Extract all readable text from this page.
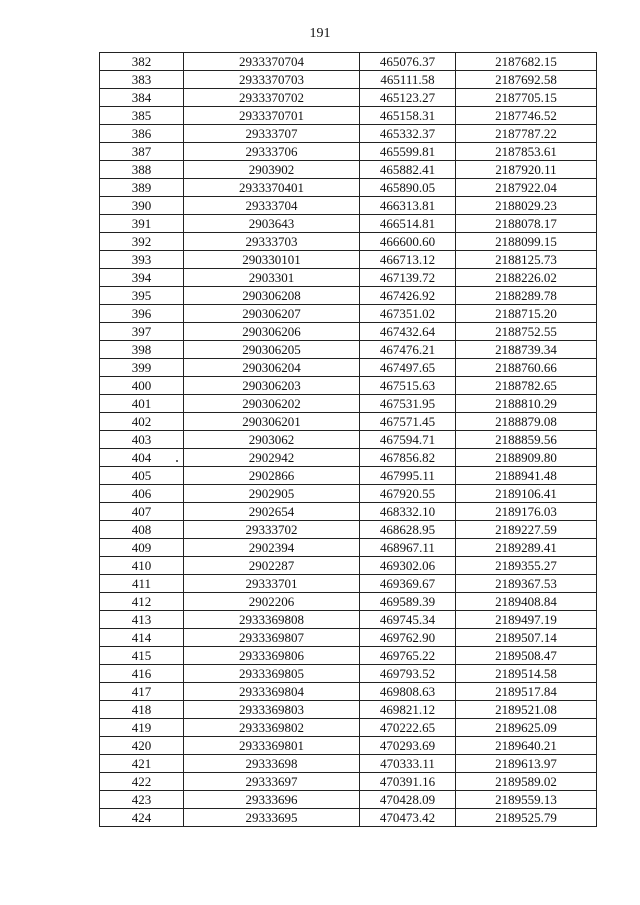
191
382	2933370704	465076.37	2187682.15
383	2933370703	465111.58	2187692.58
384	2933370702	465123.27	2187705.15
385	2933370701	465158.31	2187746.52
386	29333707	465332.37	2187787.22
387	29333706	465599.81	2187853.61
388	2903902	465882.41	2187920.11
389	2933370401	465890.05	2187922.04
390	29333704	466313.81	2188029.23
391	2903643	466514.81	2188078.17
392	29333703	466600.60	2188099.15
393	290330101	466713.12	2188125.73
394	2903301	467139.72	2188226.02
395	290306208	467426.92	2188289.78
396	290306207	467351.02	2188715.20
397	290306206	467432.64	2188752.55
398	290306205	467476.21	2188739.34
399	290306204	467497.65	2188760.66
400	290306203	467515.63	2188782.65
401	290306202	467531.95	2188810.29
402	290306201	467571.45	2188879.08
403	2903062	467594.71	2188859.56
404	2902942	467856.82	2188909.80
405	2902866	467995.11	2188941.48
406	2902905	467920.55	2189106.41
407	2902654	468332.10	2189176.03
408	29333702	468628.95	2189227.59
409	2902394	468967.11	2189289.41
410	2902287	469302.06	2189355.27
411	29333701	469369.67	2189367.53
412	2902206	469589.39	2189408.84
413	2933369808	469745.34	2189497.19
414	2933369807	469762.90	2189507.14
415	2933369806	469765.22	2189508.47
416	2933369805	469793.52	2189514.58
417	2933369804	469808.63	2189517.84
418	2933369803	469821.12	2189521.08
419	2933369802	470222.65	2189625.09
420	2933369801	470293.69	2189640.21
421	29333698	470333.11	2189613.97
422	29333697	470391.16	2189589.02
423	29333696	470428.09	2189559.13
424	29333695	470473.42	2189525.79
